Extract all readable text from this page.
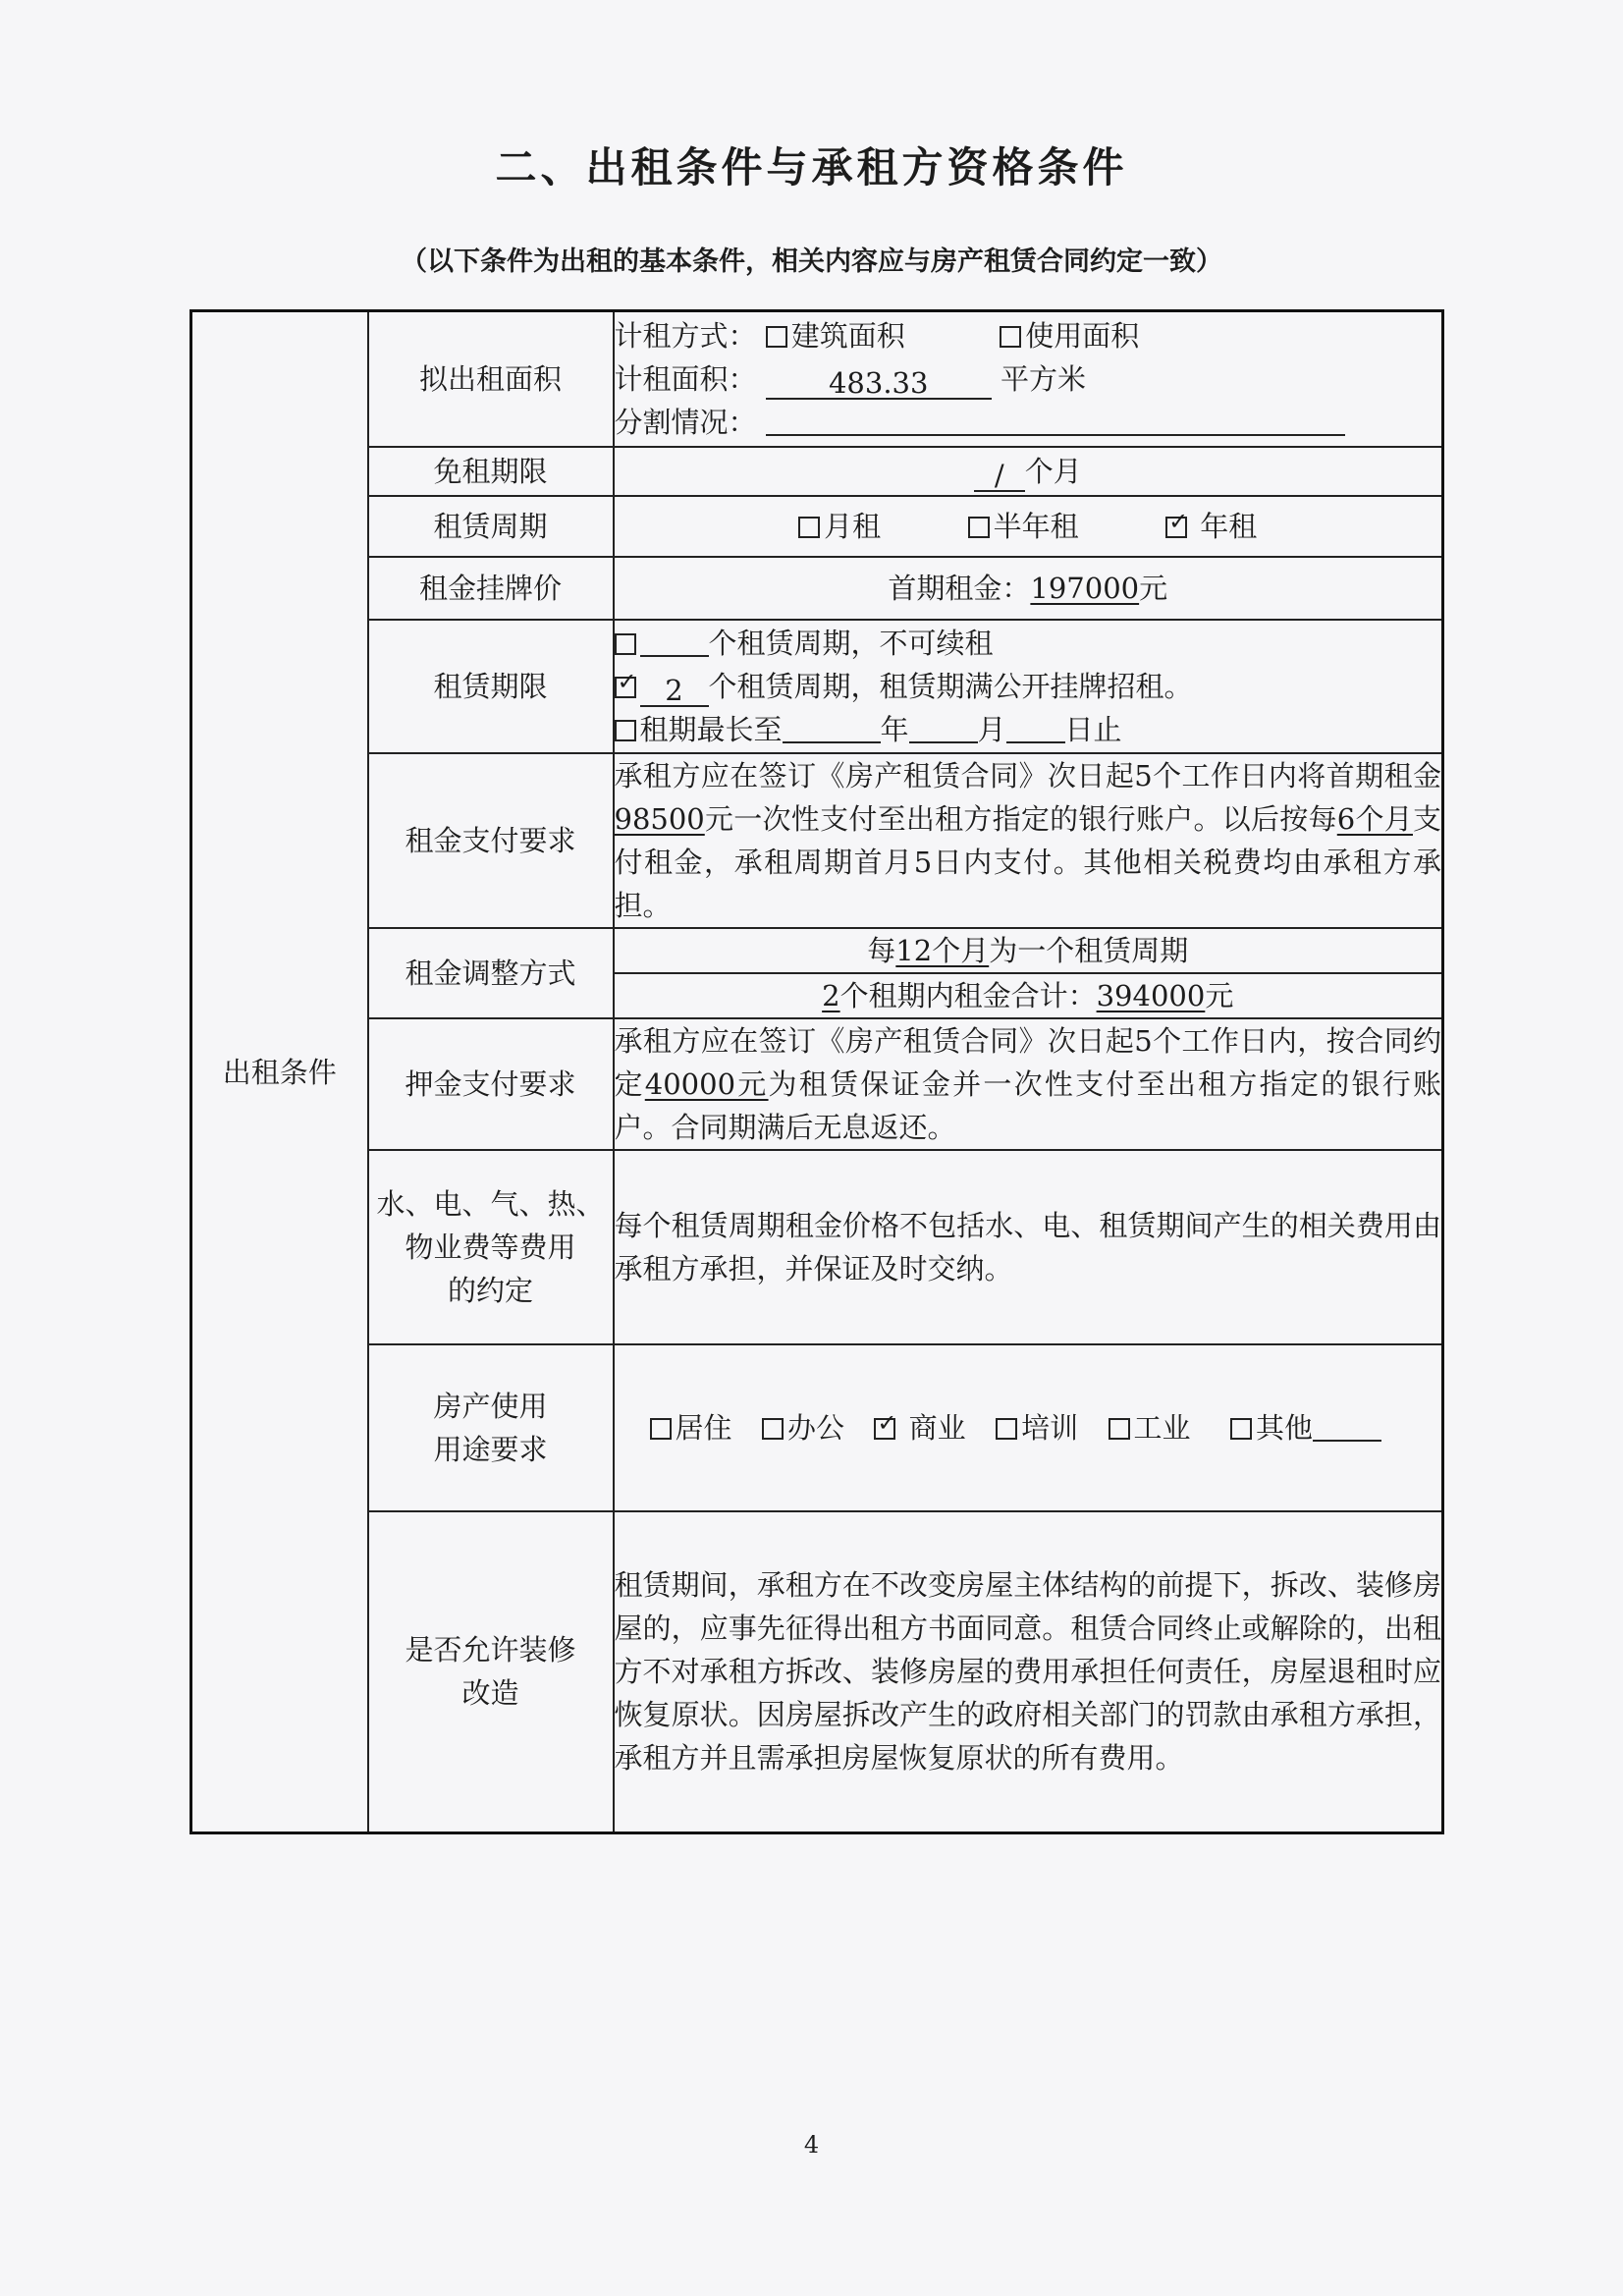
二、出租条件与承租方资格条件
（以下条件为出租的基本条件，相关内容应与房产租赁合同约定一致）
出租条件	拟出租面积	计租方式： 建筑面积 使用面积
计租面积： 483.33 平方米
分割情况：

	免租期限	/ 个月
	租赁周期	月租 半年租 ✓ 年租
	租金挂牌价	首期租金：197000元
	租赁期限	个租赁周期，不可续租
✓2 个租赁周期，租赁期满公开挂牌招租。
租期最长至 年 月 日止

	租金支付要求	承租方应在签订《房产租赁合同》次日起5个工作日内将首期租金98500元一次性支付至出租方指定的银行账户。以后按每6个月支付租金，承租周期首月5日内支付。其他相关税费均由承租方承担。
	租金调整方式	每12个月为一个租赁周期
2个租期内租金合计：394000元

	押金支付要求	承租方应在签订《房产租赁合同》次日起5个工作日内，按合同约定40000元为租赁保证金并一次性支付至出租方指定的银行账户。合同期满后无息返还。

	水、电、气、热、
物业费等费用
的约定	每个租赁周期租金价格不包括水、电、租赁期间产生的相关费用由承租方承担，并保证及时交纳。

	房产使用
用途要求	居住 办公 ✓ 商业 培训 工业 其他

	是否允许装修
改造	租赁期间，承租方在不改变房屋主体结构的前提下，拆改、装修房屋的，应事先征得出租方书面同意。租赁合同终止或解除的，出租方不对承租方拆改、装修房屋的费用承担任何责任，房屋退租时应恢复原状。因房屋拆改产生的政府相关部门的罚款由承租方承担，承租方并且需承担房屋恢复原状的所有费用。
4
